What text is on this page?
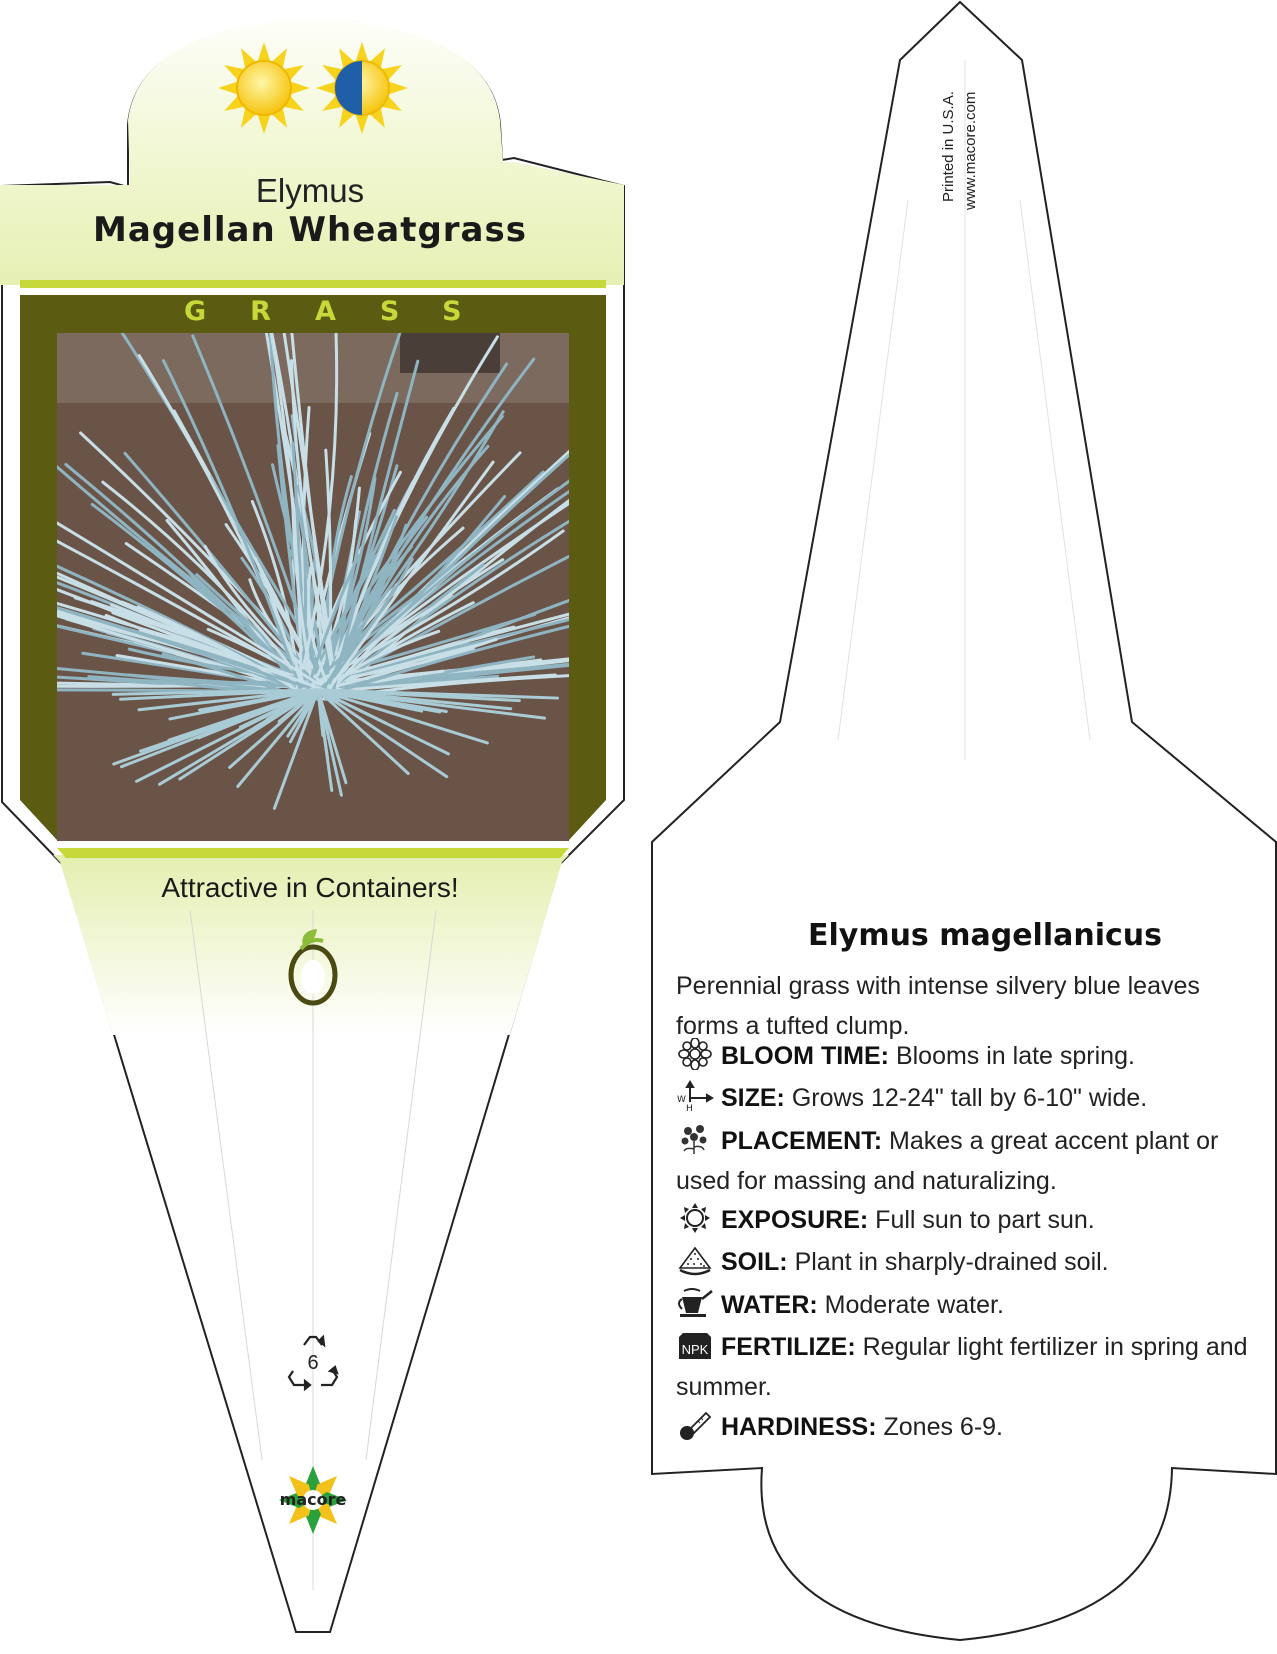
Elymus
Magellan Wheatgrass
GRASS
Attractive in Containers!
6
macore
Printed in U.S.A. www.macore.com
Elymus magellanicus
Perennial grass with intense silvery blue leaves forms a tufted clump.
BLOOM TIME: Blooms in late spring.
W
H SIZE: Grows 12-24" tall by 6-10" wide.
PLACEMENT: Makes a great accent plant or used for massing and naturalizing.
EXPOSURE: Full sun to part sun.
SOIL: Plant in sharply-drained soil.
WATER: Moderate water.
NPK FERTILIZE: Regular light fertilizer in spring and summer.
HARDINESS: Zones 6-9.
